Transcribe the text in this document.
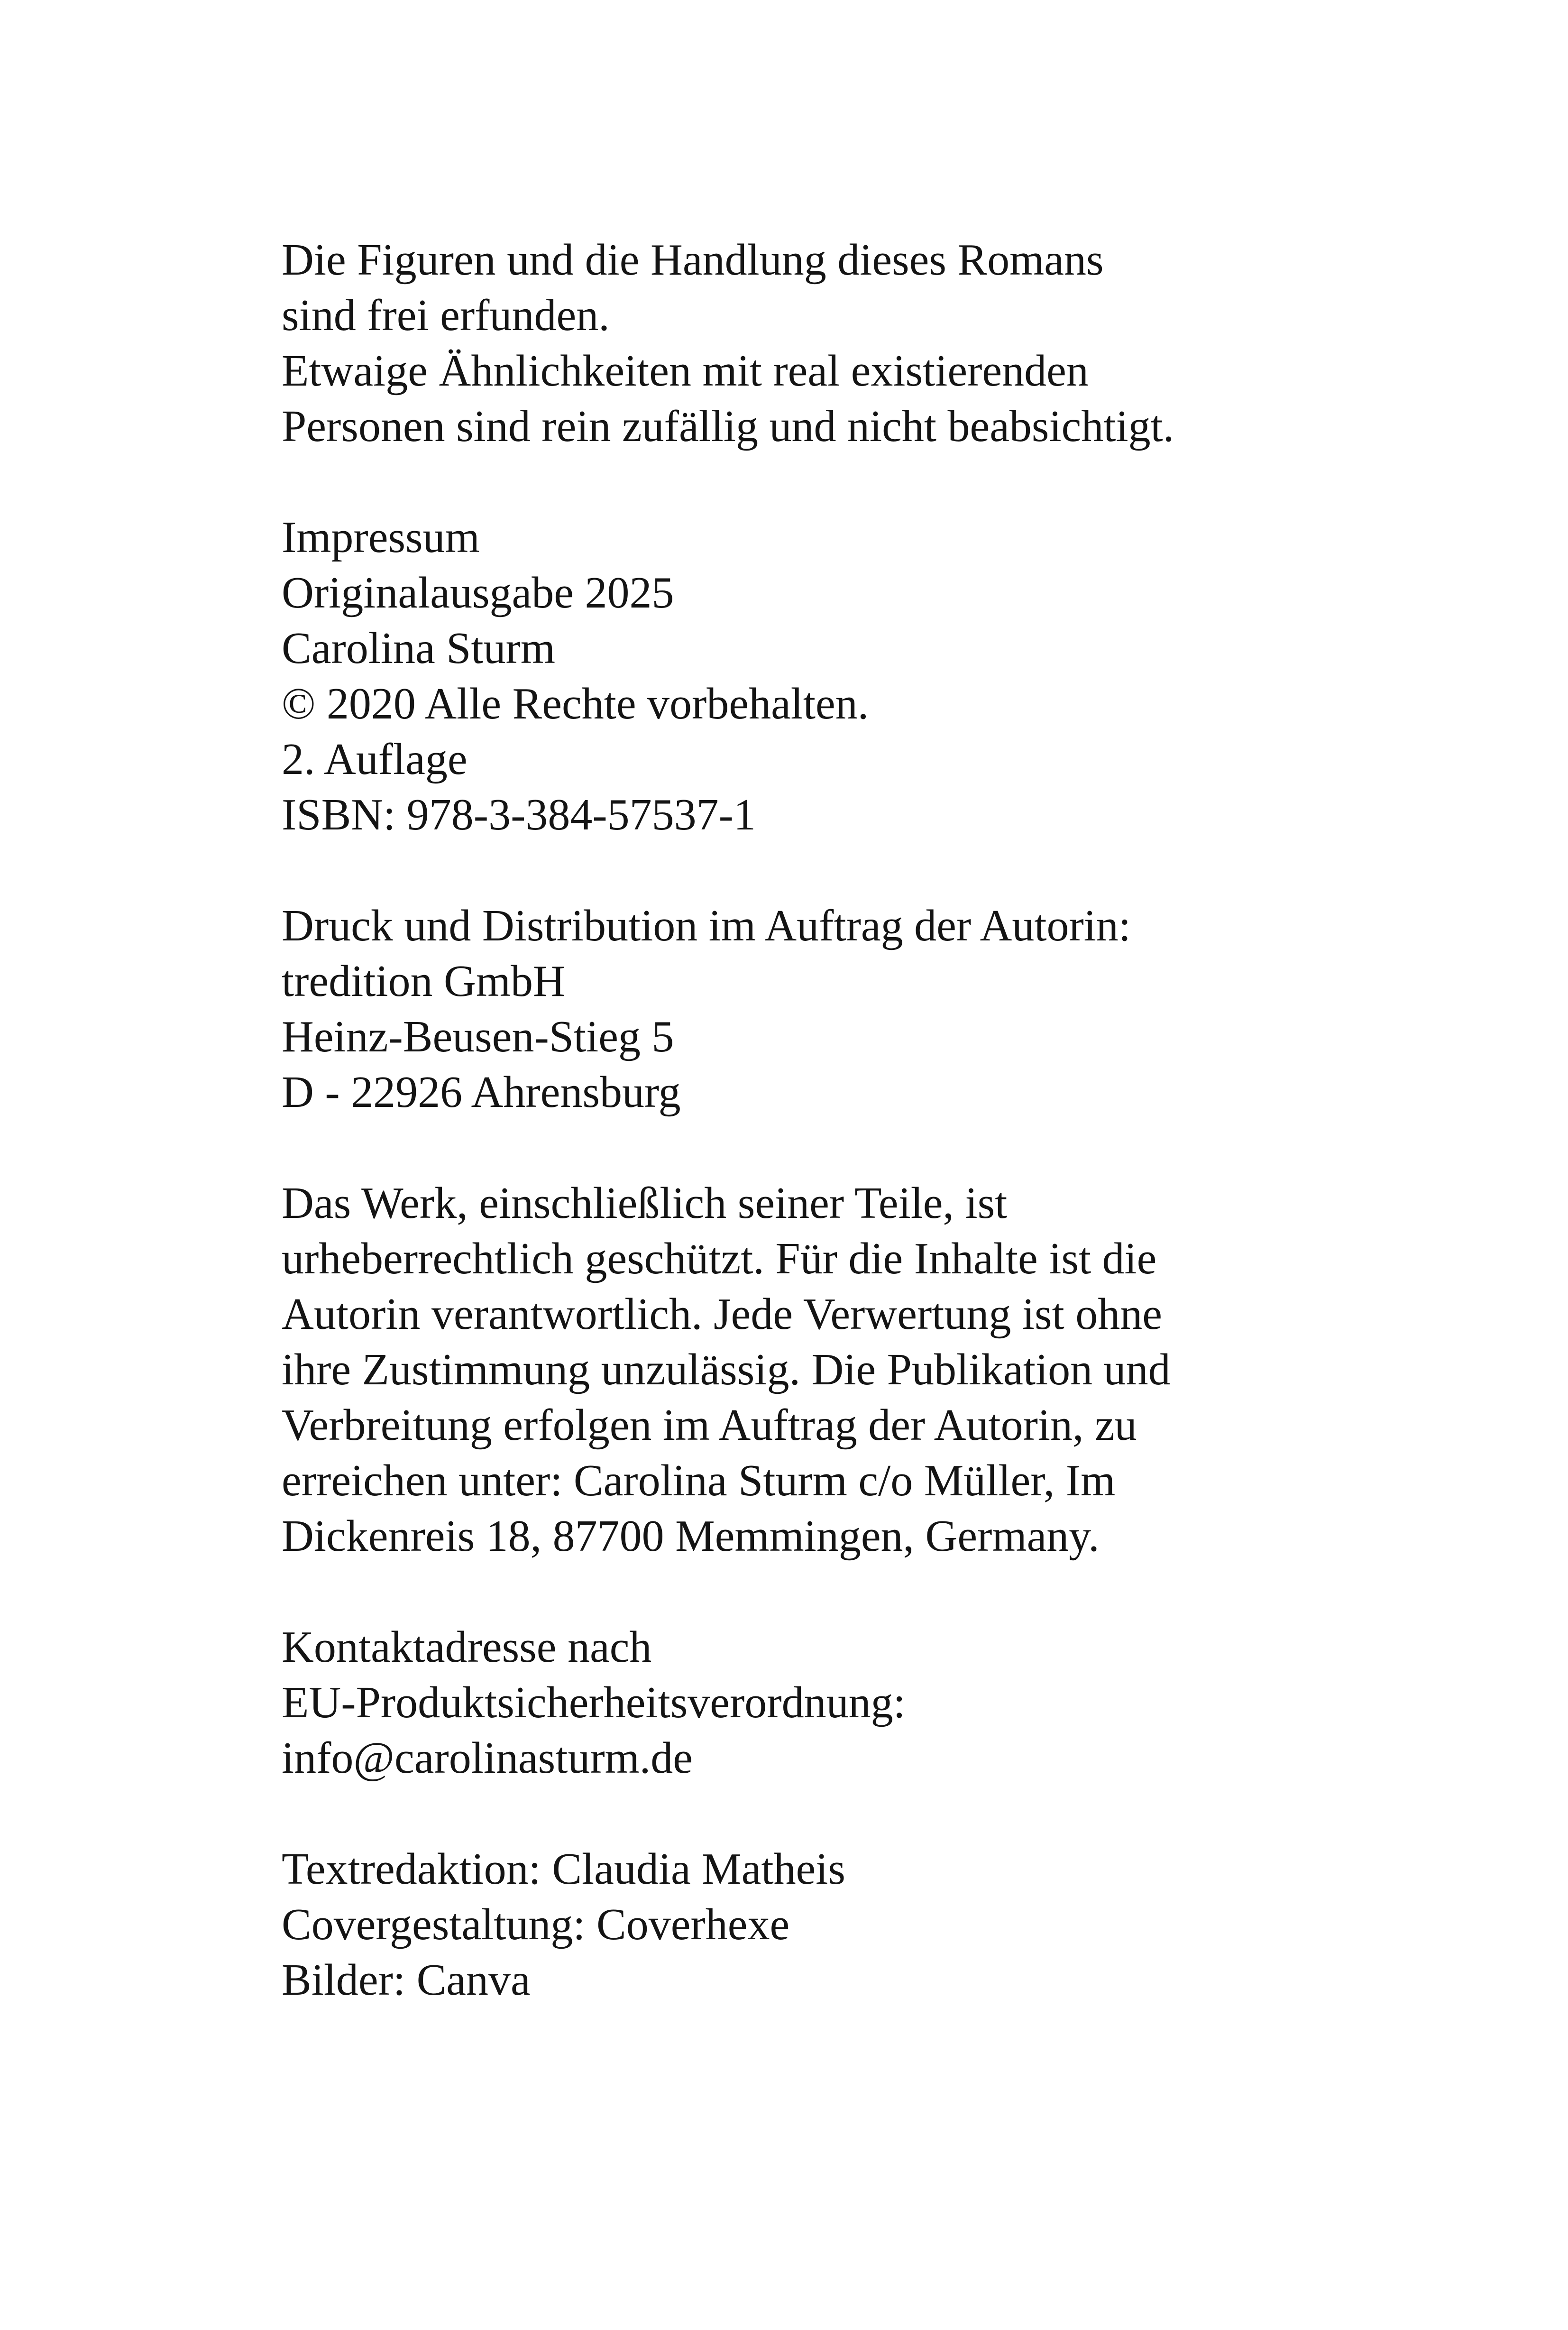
Die Figuren und die Handlung dieses Romans
sind frei erfunden.
Etwaige Ähnlichkeiten mit real existierenden
Personen sind rein zufällig und nicht beabsichtigt.

Impressum
Originalausgabe 2025
Carolina Sturm
© 2020 Alle Rechte vorbehalten.
2. Auflage
ISBN: 978-3-384-57537-1

Druck und Distribution im Auftrag der Autorin:
tredition GmbH
Heinz-Beusen-Stieg 5
D - 22926 Ahrensburg

Das Werk, einschließlich seiner Teile, ist
urheberrechtlich geschützt. Für die Inhalte ist die
Autorin verantwortlich. Jede Verwertung ist ohne
ihre Zustimmung unzulässig. Die Publikation und
Verbreitung erfolgen im Auftrag der Autorin, zu
erreichen unter: Carolina Sturm c/o Müller, Im
Dickenreis 18, 87700 Memmingen, Germany.

Kontaktadresse nach
EU-Produktsicherheitsverordnung:
info@carolinasturm.de

Textredaktion: Claudia Matheis
Covergestaltung: Coverhexe
Bilder: Canva
